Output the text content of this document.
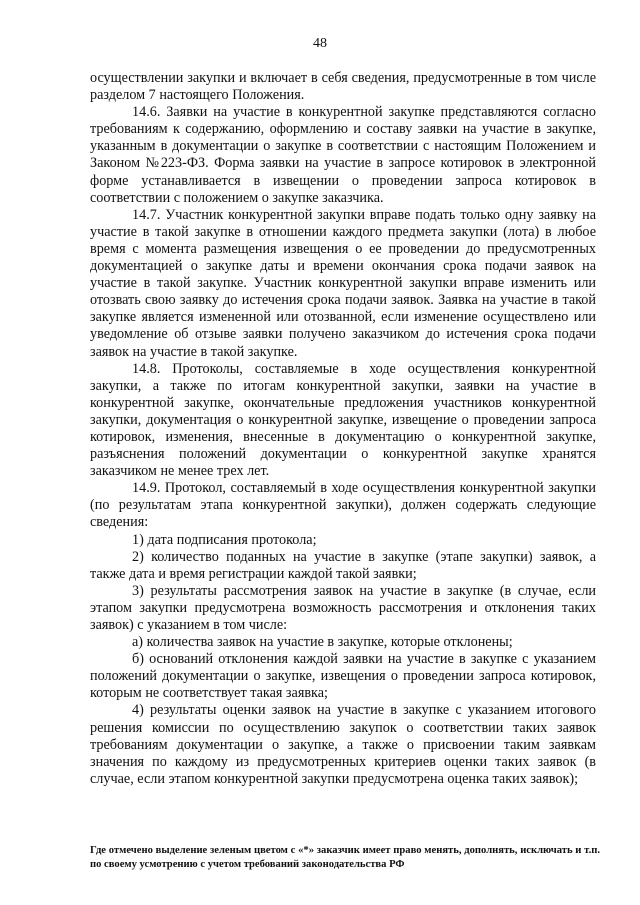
48

осуществлении закупки и включает в себя сведения, предусмотренные в том числе разделом 7 настоящего Положения.

14.6. Заявки на участие в конкурентной закупке представляются согласно требованиям к содержанию, оформлению и составу заявки на участие в закупке, указанным в документации о закупке в соответствии с настоящим Положением и Законом №223-ФЗ. Форма заявки на участие в запросе котировок в электронной форме устанавливается в извещении о проведении запроса котировок в соответствии с положением о закупке заказчика.

14.7. Участник конкурентной закупки вправе подать только одну заявку на участие в такой закупке в отношении каждого предмета закупки (лота) в любое время с момента размещения извещения о ее проведении до предусмотренных документацией о закупке даты и времени окончания срока подачи заявок на участие в такой закупке. Участник конкурентной закупки вправе изменить или отозвать свою заявку до истечения срока подачи заявок. Заявка на участие в такой закупке является измененной или отозванной, если изменение осуществлено или уведомление об отзыве заявки получено заказчиком до истечения срока подачи заявок на участие в такой закупке.

14.8. Протоколы, составляемые в ходе осуществления конкурентной закупки, а также по итогам конкурентной закупки, заявки на участие в конкурентной закупке, окончательные предложения участников конкурентной закупки, документация о конкурентной закупке, извещение о проведении запроса котировок, изменения, внесенные в документацию о конкурентной закупке, разъяснения положений документации о конкурентной закупке хранятся заказчиком не менее трех лет.

14.9. Протокол, составляемый в ходе осуществления конкурентной закупки (по результатам этапа конкурентной закупки), должен содержать следующие сведения:

1) дата подписания протокола;

2) количество поданных на участие в закупке (этапе закупки) заявок, а также дата и время регистрации каждой такой заявки;

3) результаты рассмотрения заявок на участие в закупке (в случае, если этапом закупки предусмотрена возможность рассмотрения и отклонения таких заявок) с указанием в том числе:

а) количества заявок на участие в закупке, которые отклонены;

б) оснований отклонения каждой заявки на участие в закупке с указанием положений документации о закупке, извещения о проведении запроса котировок, которым не соответствует такая заявка;

4) результаты оценки заявок на участие в закупке с указанием итогового решения комиссии по осуществлению закупок о соответствии таких заявок требованиям документации о закупке, а также о присвоении таким заявкам значения по каждому из предусмотренных критериев оценки таких заявок (в случае, если этапом конкурентной закупки предусмотрена оценка таких заявок);

Где отмечено выделение зеленым цветом с «*» заказчик имеет право менять, дополнять, исключать и т.п. по своему усмотрению с учетом требований законодательства РФ
